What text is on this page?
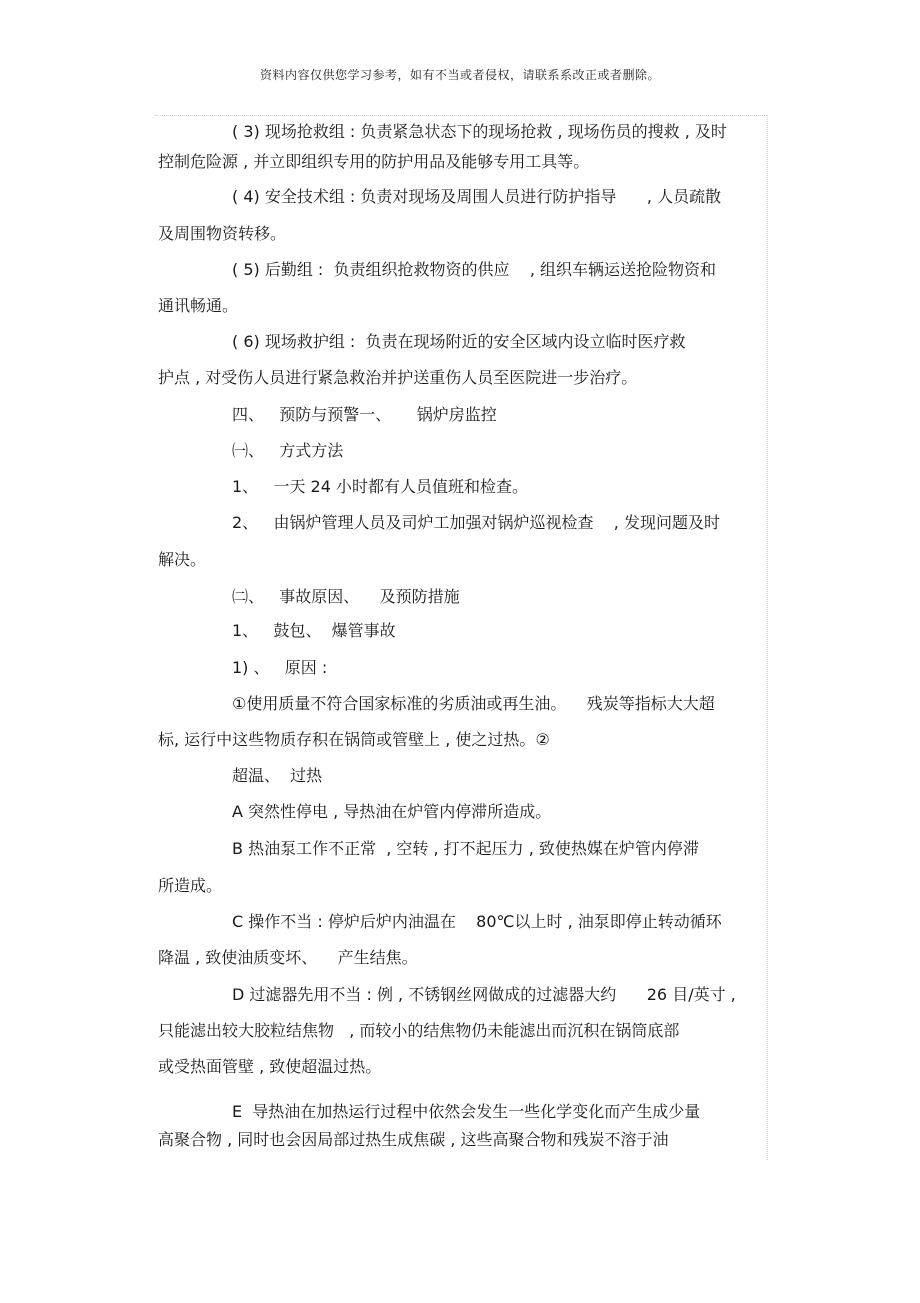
资料内容仅供您学习参考，如有不当或者侵权，请联系系改正或者删除。
( 3) 现场抢救组 : 负责紧急状态下的现场抢救 , 现场伤员的搜救 , 及时
控制危险源 , 并立即组织专用的防护用品及能够专用工具等。
( 4) 安全技术组 : 负责对现场及周围人员进行防护指导      , 人员疏散
及周围物资转移。
( 5) 后勤组 :  负责组织抢救物资的供应    , 组织车辆运送抢险物资和
通讯畅通。
( 6) 现场救护组 :  负责在现场附近的安全区域内设立临时医疗救
护点 , 对受伤人员进行紧急救治并护送重伤人员至医院进一步治疗。
四、   预防与预警一、     锅炉房监控
㈠、   方式方法
1、   一天 24 小时都有人员值班和检查。
2、   由锅炉管理人员及司炉工加强对锅炉巡视检查    , 发现问题及时
解决。
㈡、   事故原因、    及预防措施
1、   鼓包、  爆管事故
1) 、   原因 :
①使用质量不符合国家标准的劣质油或再生油。    残炭等指标大大超
标, 运行中这些物质存积在锅筒或管壁上 , 使之过热。②
超温、  过热
A 突然性停电 , 导热油在炉管内停滞所造成。
B 热油泵工作不正常  , 空转 , 打不起压力 , 致使热媒在炉管内停滞
所造成。
C 操作不当 : 停炉后炉内油温在    80℃以上时 , 油泵即停止转动循环
降温 , 致使油质变坏、    产生结焦。
D 过滤器先用不当 : 例 , 不锈钢丝网做成的过滤器大约      26 目/英寸 ,
只能滤出较大胶粒结焦物   , 而较小的结焦物仍未能滤出而沉积在锅筒底部
或受热面管壁 , 致使超温过热。
E  导热油在加热运行过程中依然会发生一些化学变化而产生成少量
高聚合物 , 同时也会因局部过热生成焦碳 , 这些高聚合物和残炭不溶于油
